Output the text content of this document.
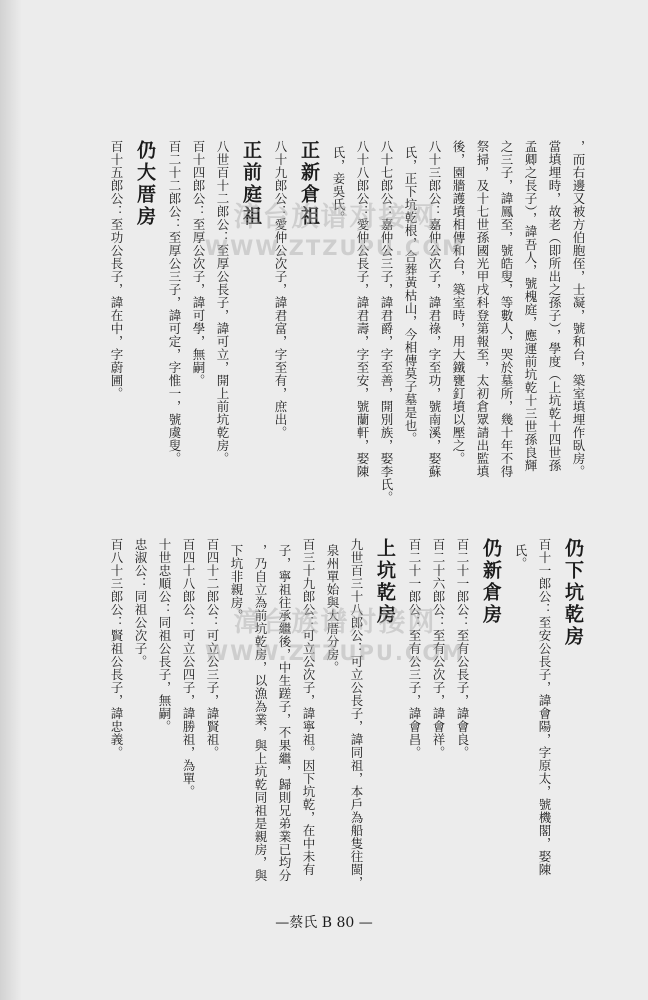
，而右邊又被方伯胞侄，士凝，號和台，築室填埋作臥房。
當填埋時，故老（即所出之孫子），學度（上坑乾十四世孫
孟卿之長子），諱吾人，號槐庭，應運前坑乾十三世孫良輝
之三子，諱鳳至，號皓叟，等數人，哭於墓所，幾十年不得
祭掃，及十七世孫國光甲戌科登第報至，太初倉眾請出監填
後，園牆護墳相傳和台，築室時，用大鐵甕釘墳以壓之。
八十三郎公：嘉仲公次子，諱君祿，字至功，號南溪，娶蘇
氏，正下坑乾根，合葬黃枯山，今相傳莫子墓是也。
八十七郎公：嘉仲公三子，諱君爵，字至善，開別族，娶李氏。
八十八郎公：愛仲公長子，諱君壽，字至安，號蘭軒，娶陳
氏，妾吳氏。
正新倉祖
八十九郎公：愛仲公次子，諱君富，字至有，庶出。
正前庭祖
八世百十二郎公：至厚公長子，諱可立，開上前坑乾房。
百十四郎公：至厚公次子，諱可學，無嗣。
百二十二郎公：至厚公三子，諱可定，字惟一，號虞叟。
仍大厝房
百十五郎公：至功公長子，諱在中，字蔚圃。
仍下坑乾房
百十一郎公：至安公長子，諱會陽，字原太，號機閣，娶陳
氏。
仍新倉房
百二十一郎公：至有公長子，諱會良。
百二十六郎公：至有公次子，諱會祥。
百二十一郎公：至有公三子，諱會昌。
上坑乾房
九世百三十八郎公：可立公長子，諱同祖，本戶為船隻往閩，
泉州單始與大厝分房。
百三十九郎公：可立公次子，諱寧祖。因下坑乾，在中未有
子，寧祖往承繼後，中生蹉子，不果繼，歸則兄弟業已均分
，乃自立為前坑乾房，以漁為業，與上坑乾同祖是親房，與
下坑非親房。
百四十二郎公：可立公三子，諱賢祖。
百四十八郎公：可立公四子，諱勝祖，為單。
十世忠順公：同祖公長子，無嗣。
忠淑公：同祖公次子。
百八十三郎公：賢祖公長子，諱忠義。
漳台族谱对接网
WWW.ZTZUPU.COM
漳台族谱对接网
WWW.ZTZUPU.COM
—蔡氏 B 80 —
